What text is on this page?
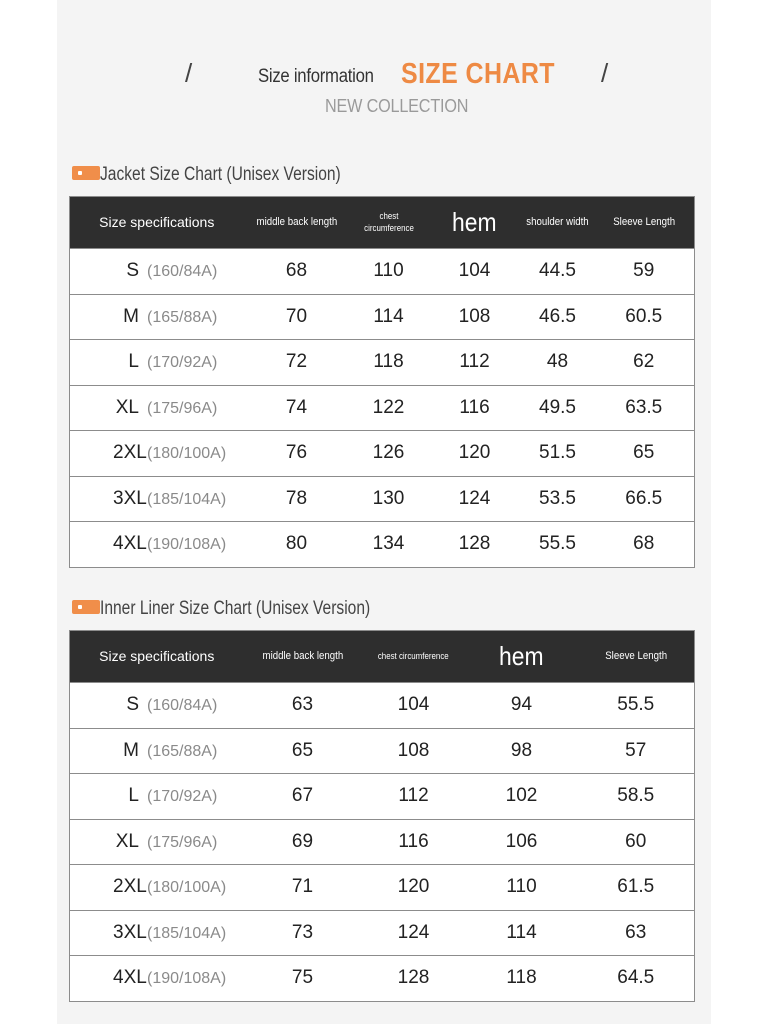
/	Size information SIZE CHART /
NEW COLLECTION
Jacket Size Chart (Unisex Version)
Size specifications	middle back length	chest circumference	hem	shoulder width	Sleeve Length
S (160/84A)	68	110	104	44.5	59
M (165/88A)	70	114	108	46.5	60.5
L (170/92A)	72	118	112	48	62
XL (175/96A)	74	122	116	49.5	63.5
2XL(180/100A)	76	126	120	51.5	65
3XL(185/104A)	78	130	124	53.5	66.5
4XL(190/108A)	80	134	128	55.5	68
Inner Liner Size Chart (Unisex Version)
Size specifications	middle back length	chest circumference	hem	Sleeve Length
S (160/84A)	63	104	94	55.5
M (165/88A)	65	108	98	57
L (170/92A)	67	112	102	58.5
XL (175/96A)	69	116	106	60
2XL(180/100A)	71	120	110	61.5
3XL(185/104A)	73	124	114	63
4XL(190/108A)	75	128	118	64.5
